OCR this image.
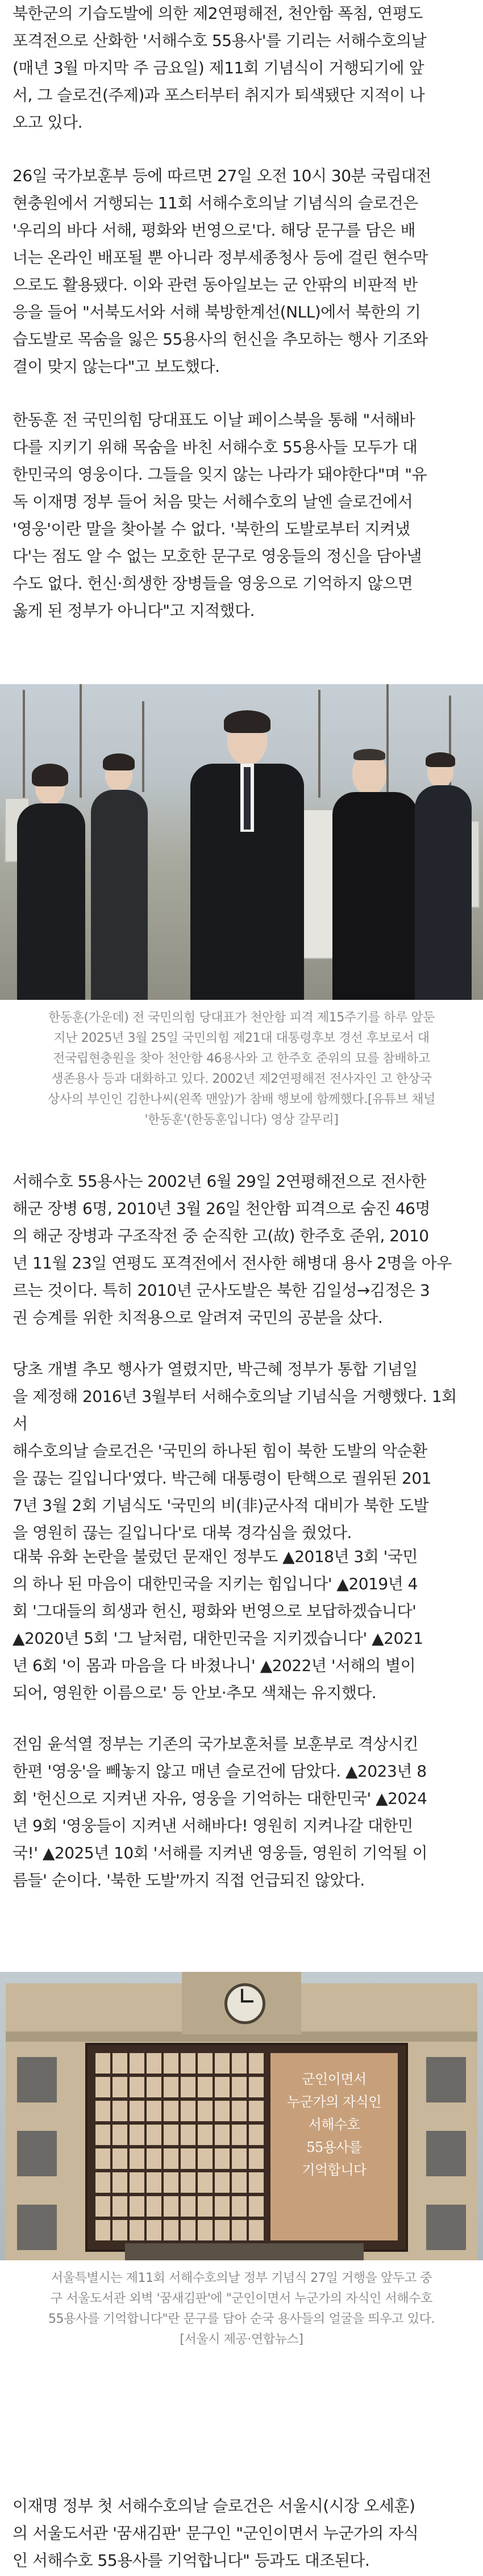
북한군의 기습도발에 의한 제2연평해전, 천안함 폭침, 연평도
포격전으로 산화한 '서해수호 55용사'를 기리는 서해수호의날
(매년 3월 마지막 주 금요일) 제11회 기념식이 거행되기에 앞
서, 그 슬로건(주제)과 포스터부터 취지가 퇴색됐단 지적이 나
오고 있다.

26일 국가보훈부 등에 따르면 27일 오전 10시 30분 국립대전
현충원에서 거행되는 11회 서해수호의날 기념식의 슬로건은
'우리의 바다 서해, 평화와 번영으로'다. 해당 문구를 담은 배
너는 온라인 배포될 뿐 아니라 정부세종청사 등에 걸린 현수막
으로도 활용됐다. 이와 관련 동아일보는 군 안팎의 비판적 반
응을 들어 "서북도서와 서해 북방한계선(NLL)에서 북한의 기
습도발로 목숨을 잃은 55용사의 헌신을 추모하는 행사 기조와
결이 맞지 않는다"고 보도했다.

한동훈 전 국민의힘 당대표도 이날 페이스북을 통해 "서해바
다를 지키기 위해 목숨을 바친 서해수호 55용사들 모두가 대
한민국의 영웅이다. 그들을 잊지 않는 나라가 돼야한다"며 "유
독 이재명 정부 들어 처음 맞는 서해수호의 날엔 슬로건에서
'영웅'이란 말을 찾아볼 수 없다. '북한의 도발로부터 지켜냈
다'는 점도 알 수 없는 모호한 문구로 영웅들의 정신을 담아낼
수도 없다. 헌신·희생한 장병들을 영웅으로 기억하지 않으면
옳게 된 정부가 아니다"고 지적했다.

한동훈(가운데) 전 국민의힘 당대표가 천안함 피격 제15주기를 하루 앞둔
지난 2025년 3월 25일 국민의힘 제21대 대통령후보 경선 후보로서 대
전국립현충원을 찾아 천안함 46용사와 고 한주호 준위의 묘를 참배하고
생존용사 등과 대화하고 있다. 2002년 제2연평해전 전사자인 고 한상국
상사의 부인인 김한나씨(왼쪽 맨앞)가 참배 행보에 함께했다.[유튜브 채널
'한동훈'(한동훈입니다) 영상 갈무리]

서해수호 55용사는 2002년 6월 29일 2연평해전으로 전사한
해군 장병 6명, 2010년 3월 26일 천안함 피격으로 숨진 46명
의 해군 장병과 구조작전 중 순직한 고(故) 한주호 준위, 2010
년 11월 23일 연평도 포격전에서 전사한 해병대 용사 2명을 아우
르는 것이다. 특히 2010년 군사도발은 북한 김일성→김정은 3
권 승계를 위한 치적용으로 알려져 국민의 공분을 샀다.

당초 개별 추모 행사가 열렸지만, 박근혜 정부가 통합 기념일
을 제정해 2016년 3월부터 서해수호의날 기념식을 거행했다. 1회 서
해수호의날 슬로건은 '국민의 하나된 힘이 북한 도발의 악순환
을 끊는 길입니다'였다. 박근혜 대통령이 탄핵으로 궐위된 201
7년 3월 2회 기념식도 '국민의 비(非)군사적 대비가 북한 도발
을 영원히 끊는 길입니다'로 대북 경각심을 줬었다.

대북 유화 논란을 불렀던 문재인 정부도 ▲2018년 3회 '국민
의 하나 된 마음이 대한민국을 지키는 힘입니다' ▲2019년 4
회 '그대들의 희생과 헌신, 평화와 번영으로 보답하겠습니다'
▲2020년 5회 '그 날처럼, 대한민국을 지키겠습니다' ▲2021
년 6회 '이 몸과 마음을 다 바쳤나니' ▲2022년 '서해의 별이
되어, 영원한 이름으로' 등 안보·추모 색채는 유지했다.

전임 윤석열 정부는 기존의 국가보훈처를 보훈부로 격상시킨
한편 '영웅'을 빼놓지 않고 매년 슬로건에 담았다. ▲2023년 8
회 '헌신으로 지켜낸 자유, 영웅을 기억하는 대한민국' ▲2024
년 9회 '영웅들이 지켜낸 서해바다! 영원히 지켜나갈 대한민
국!' ▲2025년 10회 '서해를 지켜낸 영웅들, 영원히 기억될 이
름들' 순이다. '북한 도발'까지 직접 언급되진 않았다.

군인이면서
누군가의 자식인
서해수호
55용사를
기억합니다

서울특별시는 제11회 서해수호의날 정부 기념식 27일 거행을 앞두고 중
구 서울도서관 외벽 '꿈새김판'에 "군인이면서 누군가의 자식인 서해수호
55용사를 기억합니다"란 문구를 담아 순국 용사들의 얼굴을 띄우고 있다.
[서울시 제공·연합뉴스]

이재명 정부 첫 서해수호의날 슬로건은 서울시(시장 오세훈)
의 서울도서관 '꿈새김판' 문구인 "군인이면서 누군가의 자식
인 서해수호 55용사를 기억합니다" 등과도 대조된다.
